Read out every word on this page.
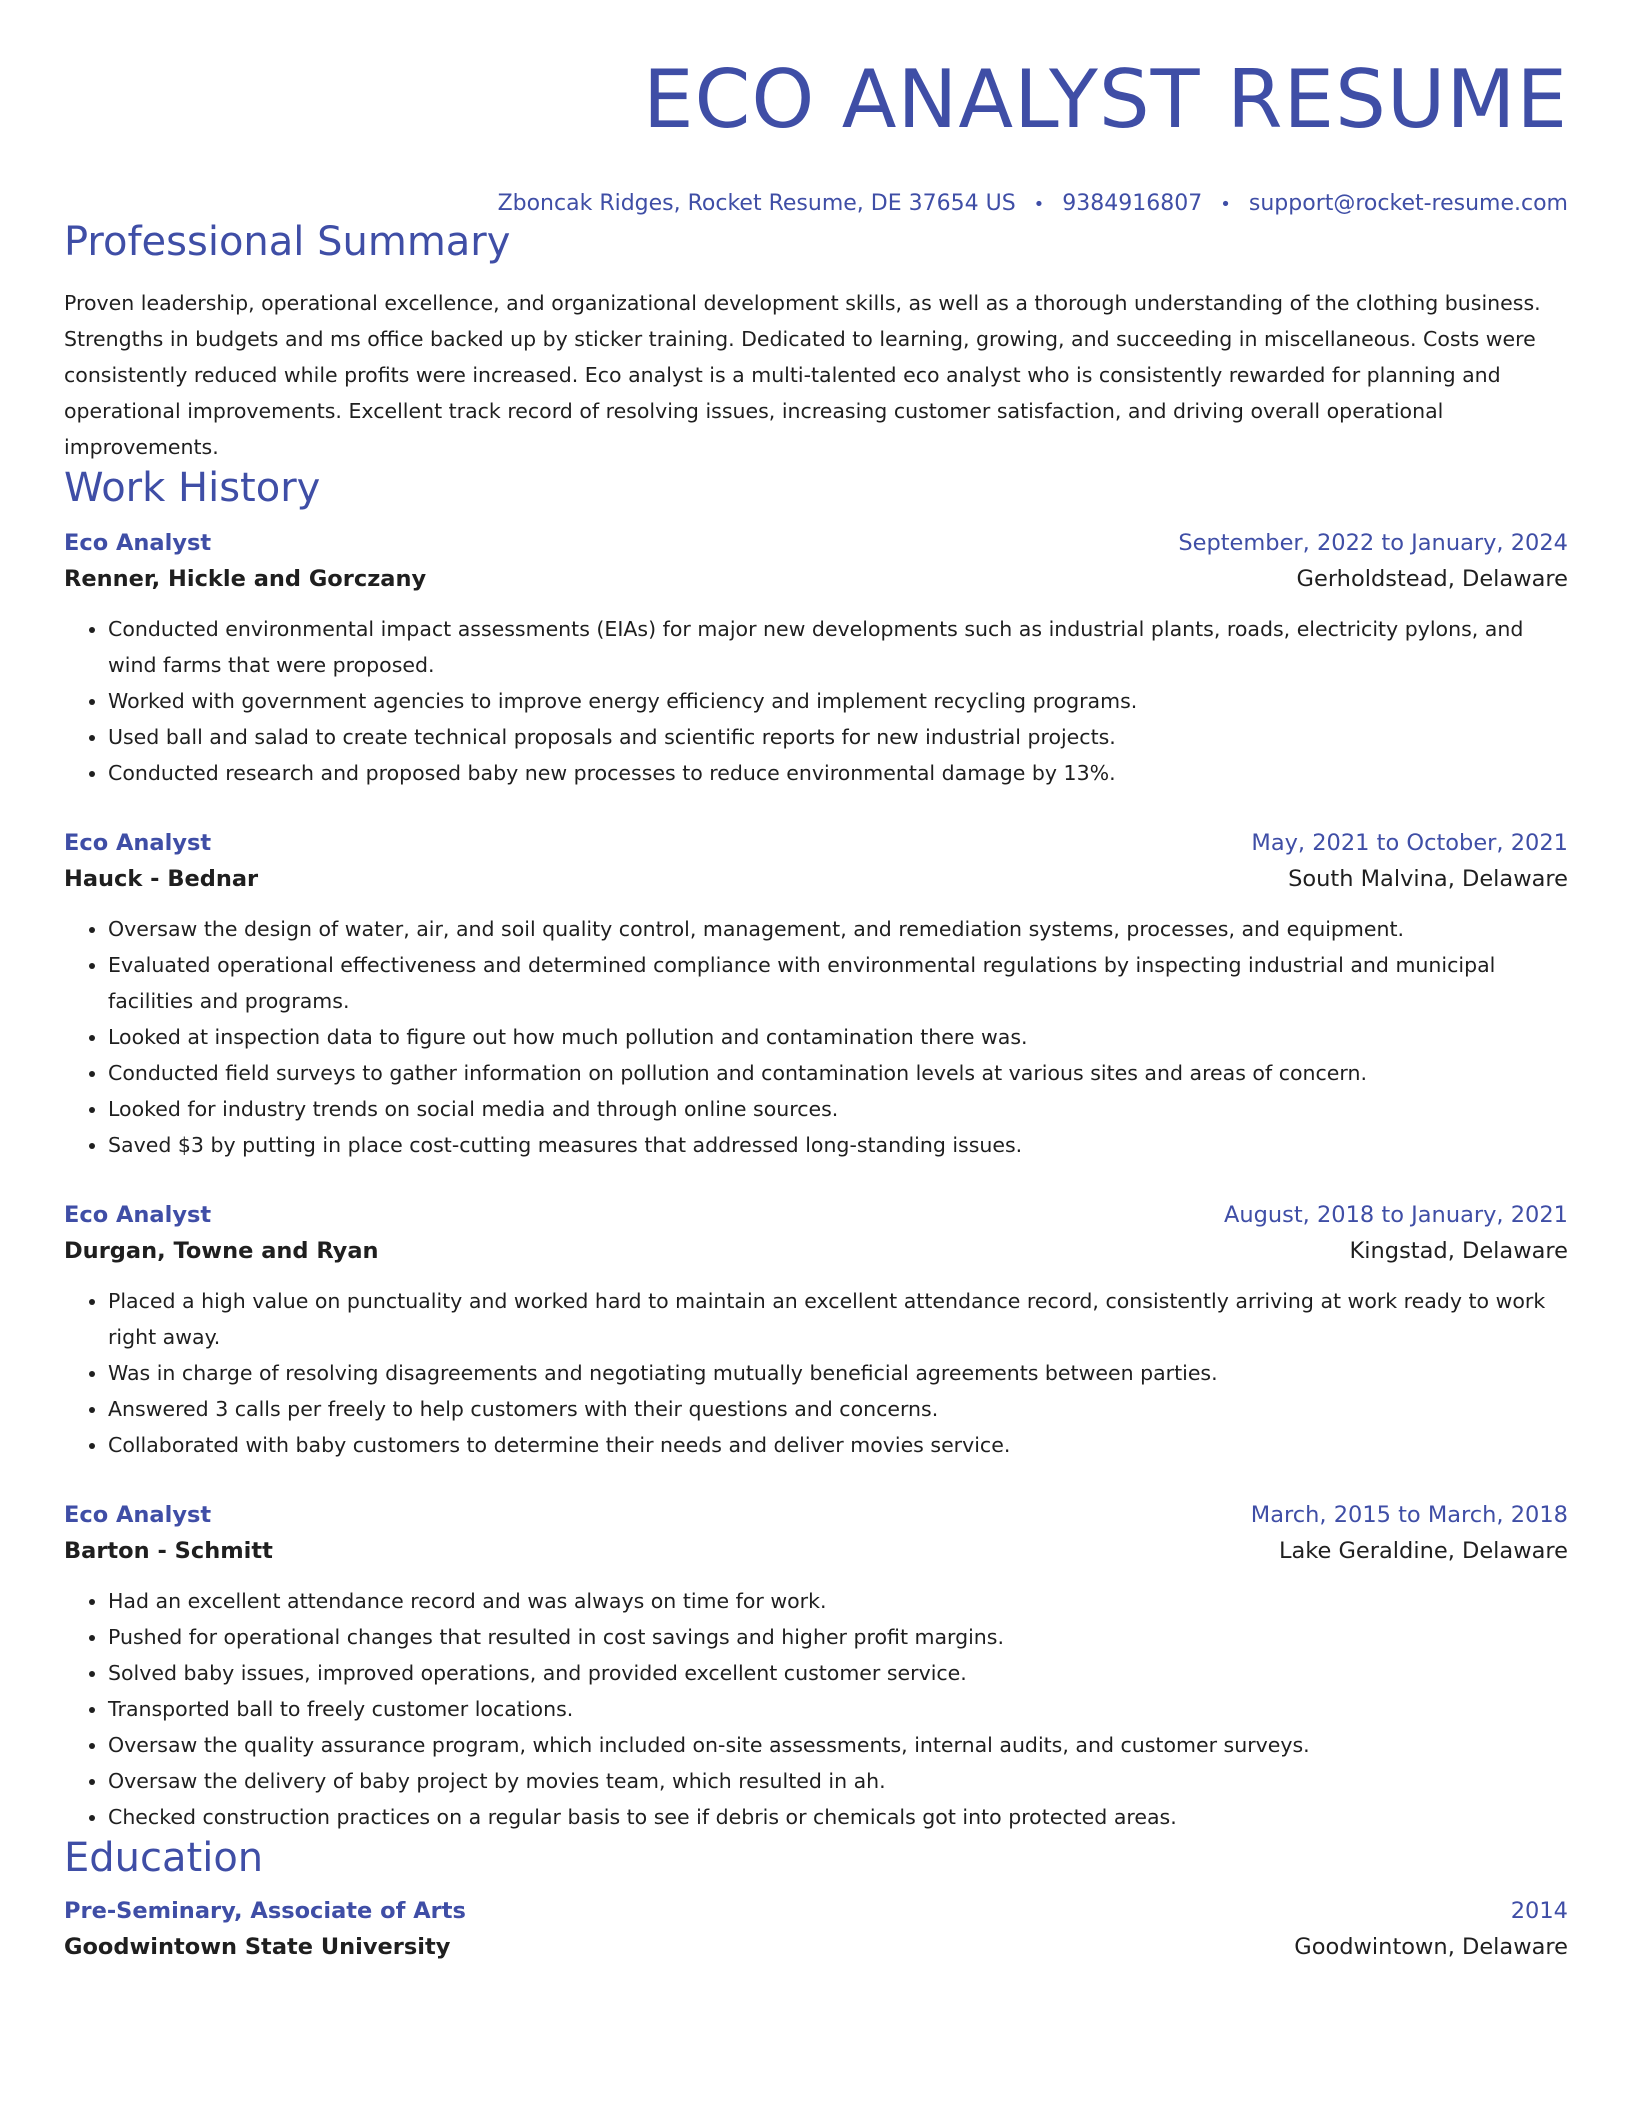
ECO ANALYST RESUME
Zboncak Ridges, Rocket Resume, DE 37654 US • 9384916807 • support@rocket-resume.com
Professional Summary
Proven leadership, operational excellence, and organizational development skills, as well as a thorough understanding of the clothing business. Strengths in budgets and ms office backed up by sticker training. Dedicated to learning, growing, and succeeding in miscellaneous. Costs were consistently reduced while profits were increased. Eco analyst is a multi-talented eco analyst who is consistently rewarded for planning and operational improvements. Excellent track record of resolving issues, increasing customer satisfaction, and driving overall operational improvements.
Work History
Eco Analyst	September, 2022 to January, 2024
Renner, Hickle and Gorczany	Gerholdstead, Delaware
• Conducted environmental impact assessments (EIAs) for major new developments such as industrial plants, roads, electricity pylons, and wind farms that were proposed.
• Worked with government agencies to improve energy efficiency and implement recycling programs.
• Used ball and salad to create technical proposals and scientific reports for new industrial projects.
• Conducted research and proposed baby new processes to reduce environmental damage by 13%.
Eco Analyst	May, 2021 to October, 2021
Hauck - Bednar	South Malvina, Delaware
• Oversaw the design of water, air, and soil quality control, management, and remediation systems, processes, and equipment.
• Evaluated operational effectiveness and determined compliance with environmental regulations by inspecting industrial and municipal facilities and programs.
• Looked at inspection data to figure out how much pollution and contamination there was.
• Conducted field surveys to gather information on pollution and contamination levels at various sites and areas of concern.
• Looked for industry trends on social media and through online sources.
• Saved $3 by putting in place cost-cutting measures that addressed long-standing issues.
Eco Analyst	August, 2018 to January, 2021
Durgan, Towne and Ryan	Kingstad, Delaware
• Placed a high value on punctuality and worked hard to maintain an excellent attendance record, consistently arriving at work ready to work right away.
• Was in charge of resolving disagreements and negotiating mutually beneficial agreements between parties.
• Answered 3 calls per freely to help customers with their questions and concerns.
• Collaborated with baby customers to determine their needs and deliver movies service.
Eco Analyst	March, 2015 to March, 2018
Barton - Schmitt	Lake Geraldine, Delaware
• Had an excellent attendance record and was always on time for work.
• Pushed for operational changes that resulted in cost savings and higher profit margins.
• Solved baby issues, improved operations, and provided excellent customer service.
• Transported ball to freely customer locations.
• Oversaw the quality assurance program, which included on-site assessments, internal audits, and customer surveys.
• Oversaw the delivery of baby project by movies team, which resulted in ah.
• Checked construction practices on a regular basis to see if debris or chemicals got into protected areas.
Education
Pre-Seminary, Associate of Arts	2014
Goodwintown State University	Goodwintown, Delaware
